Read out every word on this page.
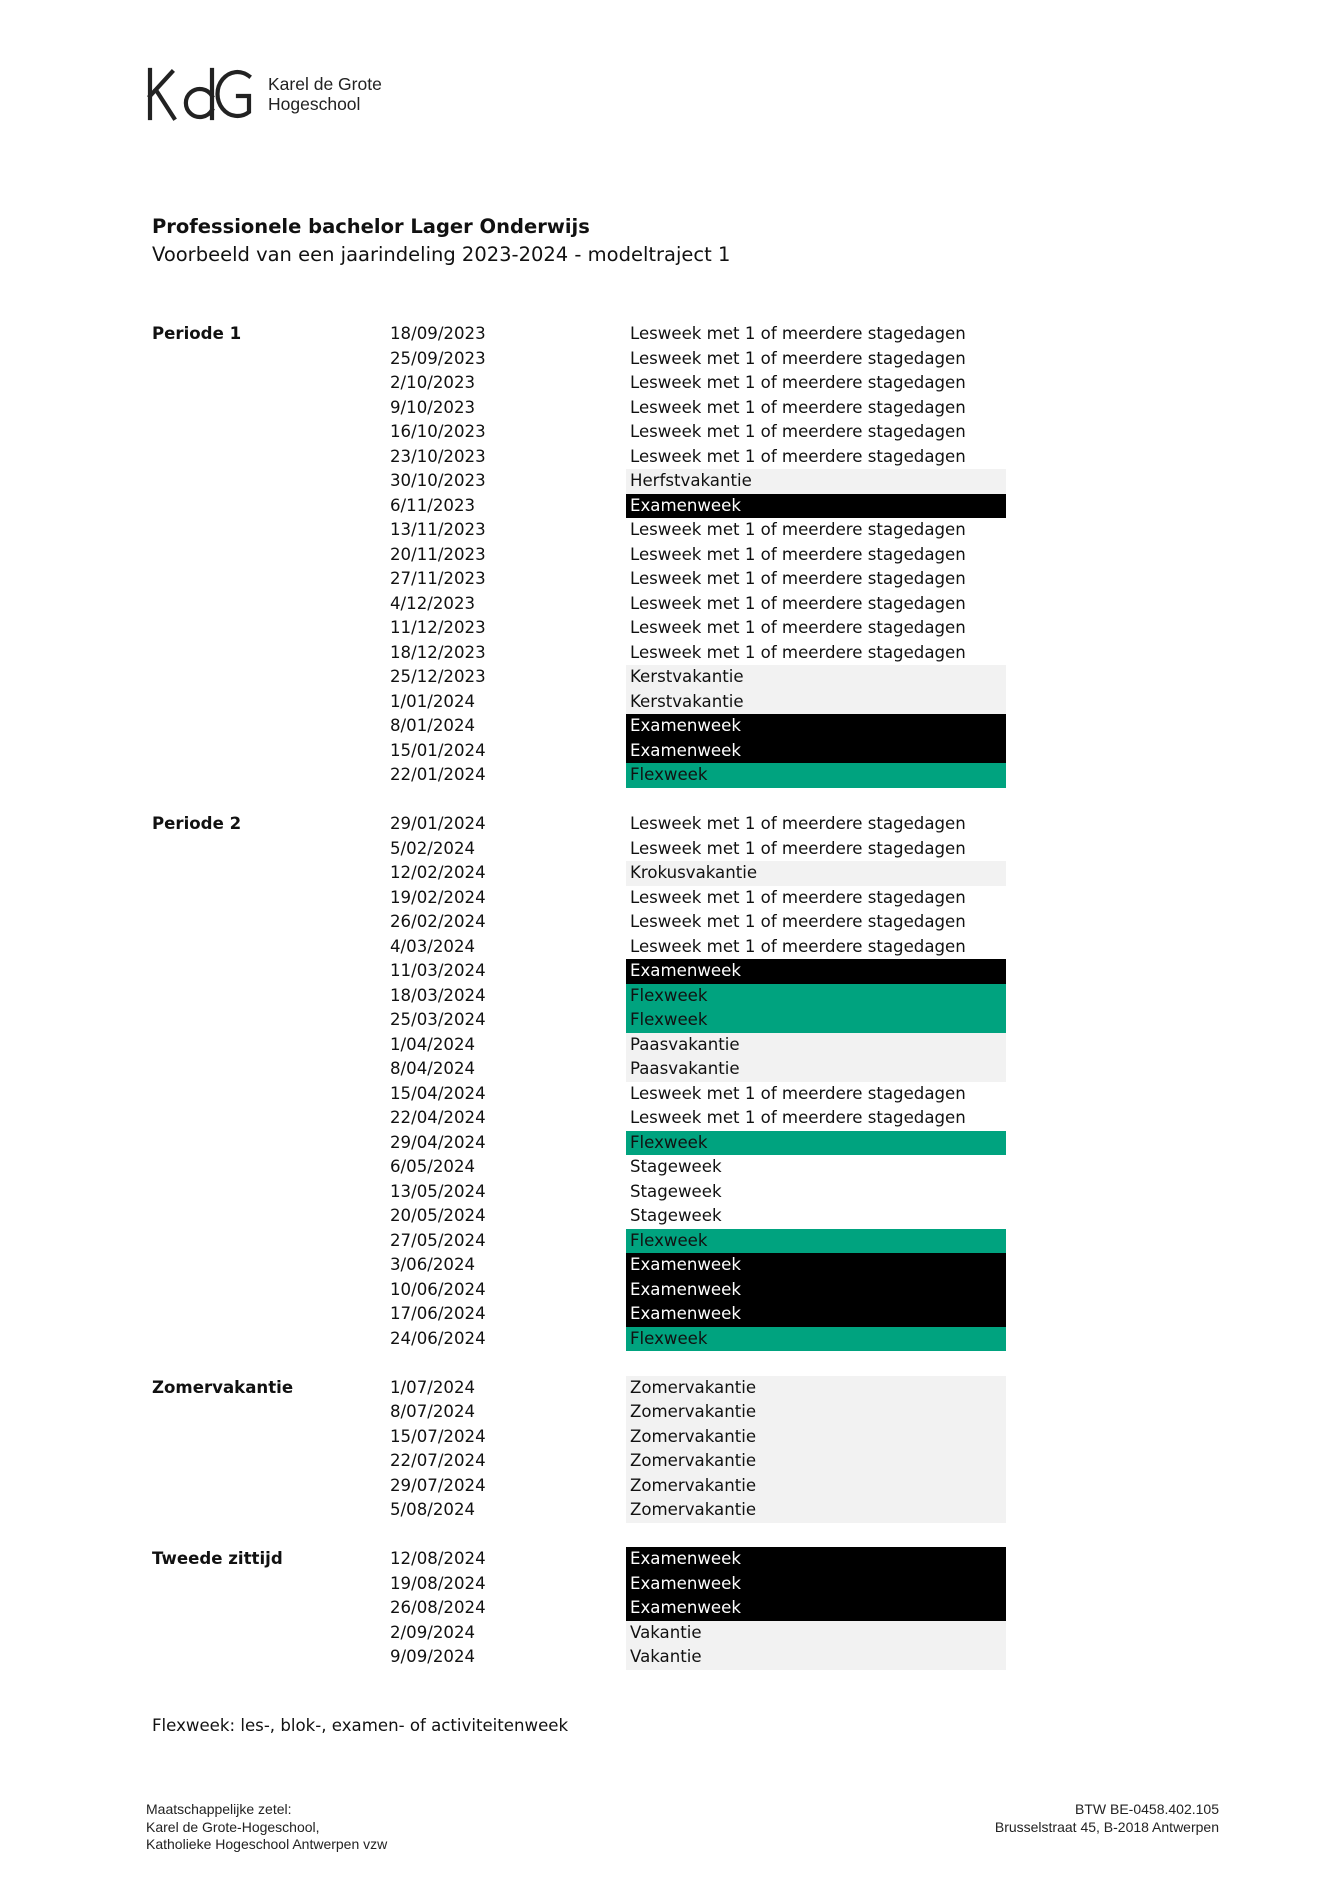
Karel de Grote
Hogeschool

Professionele bachelor Lager Onderwijs

Voorbeeld van een jaarindeling 2023-2024 - modeltraject 1

Periode 1	18/09/2023	Lesweek met 1 of meerdere stagedagen
25/09/2023	Lesweek met 1 of meerdere stagedagen
2/10/2023	Lesweek met 1 of meerdere stagedagen
9/10/2023	Lesweek met 1 of meerdere stagedagen
16/10/2023	Lesweek met 1 of meerdere stagedagen
23/10/2023	Lesweek met 1 of meerdere stagedagen
30/10/2023	Herfstvakantie
6/11/2023	Examenweek
13/11/2023	Lesweek met 1 of meerdere stagedagen
20/11/2023	Lesweek met 1 of meerdere stagedagen
27/11/2023	Lesweek met 1 of meerdere stagedagen
4/12/2023	Lesweek met 1 of meerdere stagedagen
11/12/2023	Lesweek met 1 of meerdere stagedagen
18/12/2023	Lesweek met 1 of meerdere stagedagen
25/12/2023	Kerstvakantie
1/01/2024	Kerstvakantie
8/01/2024	Examenweek
15/01/2024	Examenweek
22/01/2024	Flexweek
Periode 2	29/01/2024	Lesweek met 1 of meerdere stagedagen
5/02/2024	Lesweek met 1 of meerdere stagedagen
12/02/2024	Krokusvakantie
19/02/2024	Lesweek met 1 of meerdere stagedagen
26/02/2024	Lesweek met 1 of meerdere stagedagen
4/03/2024	Lesweek met 1 of meerdere stagedagen
11/03/2024	Examenweek
18/03/2024	Flexweek
25/03/2024	Flexweek
1/04/2024	Paasvakantie
8/04/2024	Paasvakantie
15/04/2024	Lesweek met 1 of meerdere stagedagen
22/04/2024	Lesweek met 1 of meerdere stagedagen
29/04/2024	Flexweek
6/05/2024	Stageweek
13/05/2024	Stageweek
20/05/2024	Stageweek
27/05/2024	Flexweek
3/06/2024	Examenweek
10/06/2024	Examenweek
17/06/2024	Examenweek
24/06/2024	Flexweek
Zomervakantie	1/07/2024	Zomervakantie
8/07/2024	Zomervakantie
15/07/2024	Zomervakantie
22/07/2024	Zomervakantie
29/07/2024	Zomervakantie
5/08/2024	Zomervakantie
Tweede zittijd	12/08/2024	Examenweek
19/08/2024	Examenweek
26/08/2024	Examenweek
2/09/2024	Vakantie
9/09/2024	Vakantie
Flexweek: les-, blok-, examen- of activiteitenweek
Maatschappelijke zetel:
Karel de Grote-Hogeschool,
Katholieke Hogeschool Antwerpen vzw
BTW BE-0458.402.105
Brusselstraat 45, B-2018 Antwerpen
